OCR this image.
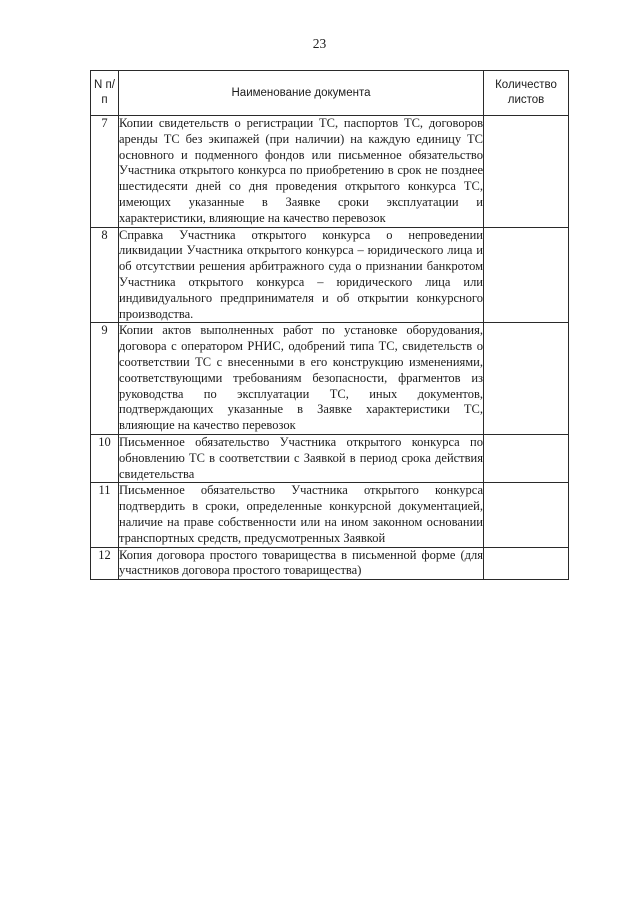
23
N п/п	Наименование документа	Количество листов
7	Копии свидетельств о регистрации ТС, паспортов ТС, договоров аренды ТС без экипажей (при наличии) на каждую единицу ТС основного и подменного фондов или письменное обязательство Участника открытого конкурса по приобретению в срок не позднее шестидесяти дней со дня проведения открытого конкурса ТС, имеющих указанные в Заявке сроки эксплуатации и характеристики, влияющие на качество перевозок	
8	Справка Участника открытого конкурса о непроведении ликвидации Участника открытого конкурса – юридического лица и об отсутствии решения арбитражного суда о признании банкротом Участника открытого конкурса – юридического лица или индивидуального предпринимателя и об открытии конкурсного производства.	
9	Копии актов выполненных работ по установке оборудования, договора с оператором РНИС, одобрений типа ТС, свидетельств о соответствии ТС с внесенными в его конструкцию изменениями, соответствующими требованиям безопасности, фрагментов из руководства по эксплуатации ТС, иных документов, подтверждающих указанные в Заявке характеристики ТС, влияющие на качество перевозок	
10	Письменное обязательство Участника открытого конкурса по обновлению ТС в соответствии с Заявкой в период срока действия свидетельства	
11	Письменное обязательство Участника открытого конкурса подтвердить в сроки, определенные конкурсной документацией, наличие на праве собственности или на ином законном основании транспортных средств, предусмотренных Заявкой	
12	Копия договора простого товарищества в письменной форме (для участников договора простого товарищества)	
